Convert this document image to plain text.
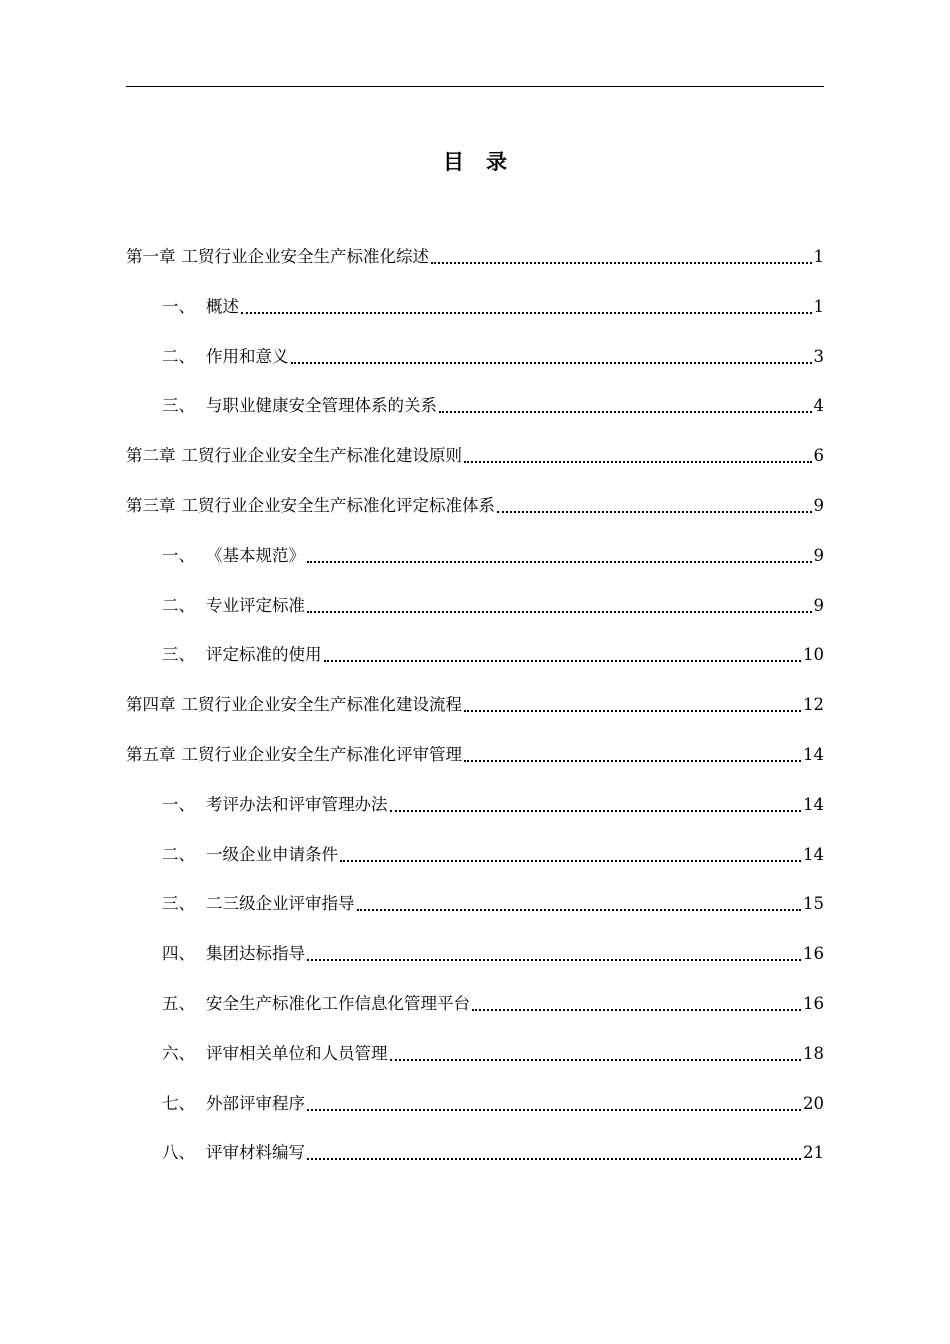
目 录
第一章 工贸行业企业安全生产标准化综述	1
一、 概述	1
二、 作用和意义	3
三、 与职业健康安全管理体系的关系	4
第二章 工贸行业企业安全生产标准化建设原则	6
第三章 工贸行业企业安全生产标准化评定标准体系	9
一、 《基本规范》	9
二、 专业评定标准	9
三、 评定标准的使用	10
第四章 工贸行业企业安全生产标准化建设流程	12
第五章 工贸行业企业安全生产标准化评审管理	14
一、 考评办法和评审管理办法	14
二、 一级企业申请条件	14
三、 二三级企业评审指导	15
四、 集团达标指导	16
五、 安全生产标准化工作信息化管理平台	16
六、 评审相关单位和人员管理	18
七、 外部评审程序	20
八、 评审材料编写	21
